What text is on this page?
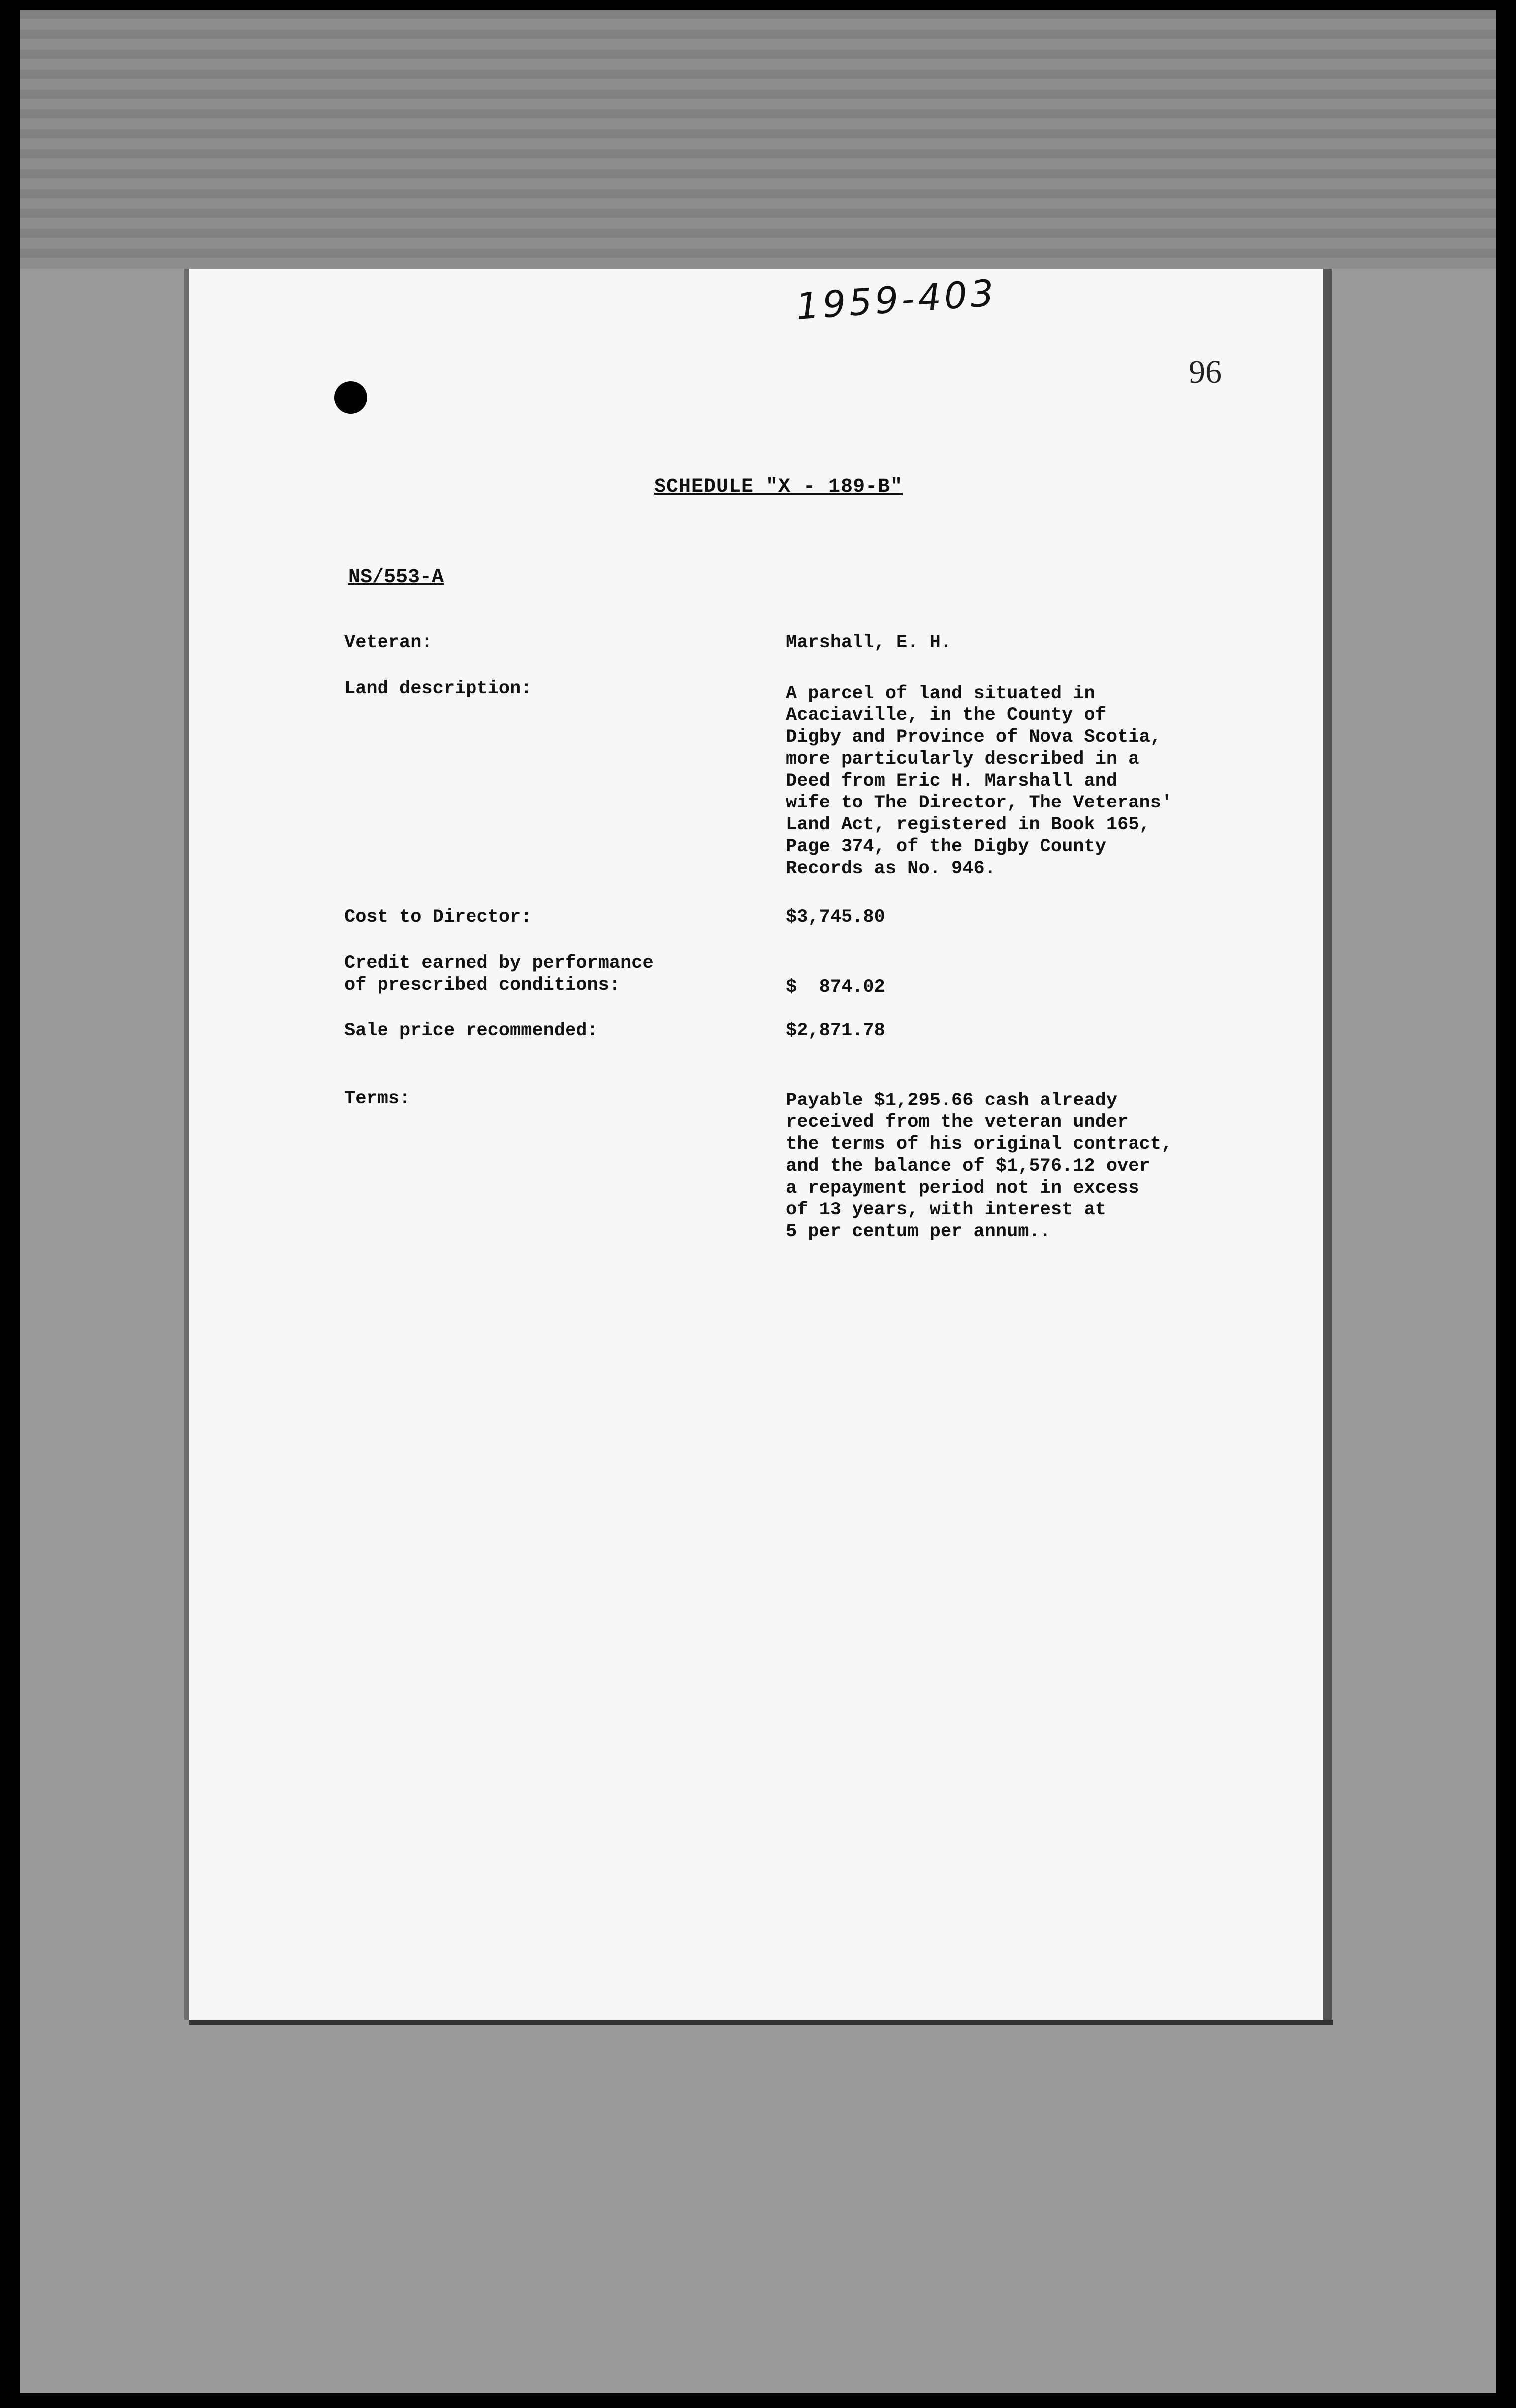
1959-403
96
SCHEDULE "X - 189-B"
NS/553-A
Veteran:	Marshall, E. H.
Land description:	A parcel of land situated in
Acaciaville, in the County of
Digby and Province of Nova Scotia,
more particularly described in a
Deed from Eric H. Marshall and
wife to The Director, The Veterans'
Land Act, registered in Book 165,
Page 374, of the Digby County
Records as No. 946.
Cost to Director:	$3,745.80
Credit earned by performance
of prescribed conditions:	$  874.02
Sale price recommended:	$2,871.78
Terms:	Payable $1,295.66 cash already
received from the veteran under
the terms of his original contract,
and the balance of $1,576.12 over
a repayment period not in excess
of 13 years, with interest at
5 per centum per annum..
